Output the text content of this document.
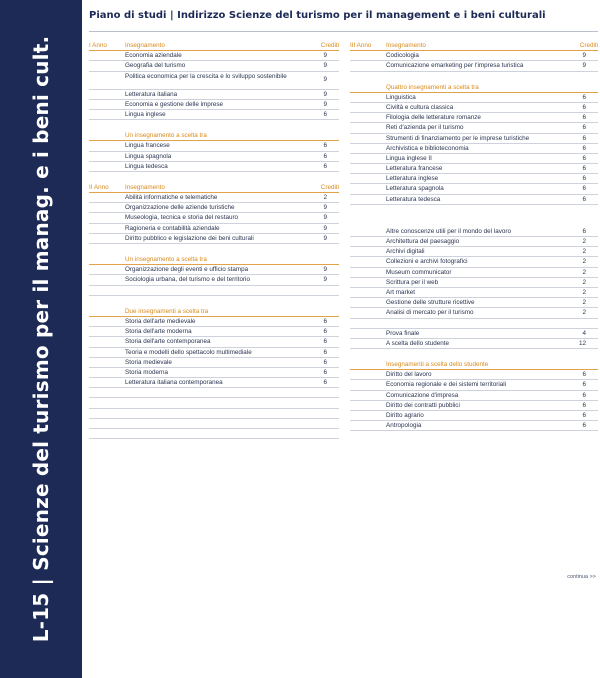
L-15 | Scienze del turismo per il manag. e i beni cult.
Piano di studi | Indirizzo Scienze del turismo per il management e i beni culturali
I Anno	Insegnamento	Crediti
Economia aziendale	9
Geografia del turismo	9
Politica economica per la crescita e lo sviluppo sostenibile	9
Letteratura italiana	9
Economia e gestione delle imprese	9
Lingua inglese	6
Un insegnamento a scelta tra
Lingua francese	6
Lingua spagnola	6
Lingua tedesca	6
II Anno	Insegnamento	Crediti
Abilità informatiche e telematiche	2
Organizzazione delle aziende turistiche	9
Museologia, tecnica e storia del restauro	9
Ragioneria e contabilità aziendale	9
Diritto pubblico e legislazione dei beni culturali	9
Un insegnamento a scelta tra
Organizzazione degli eventi e ufficio stampa	9
Sociologia urbana, del turismo e del territorio	9
Due insegnamenti a scelta tra
Storia dell'arte medievale	6
Storia dell'arte moderna	6
Storia dell'arte contemporanea	6
Teoria e modelli dello spettacolo multimediale	6
Storia medievale	6
Storia moderna	6
Letteratura italiana contemporanea	6
III Anno	Insegnamento	Crediti
Codicologia	9
Comunicazione emarketing per l'impresa turistica	9
Quattro insegnamenti a scelta tra
Linguistica	6
Civiltà e cultura classica	6
Filologia delle letterature romanze	6
Reti d'azienda per il turismo	6
Strumenti di finanziamento per le imprese turistiche	6
Archivistica e biblioteconomia	6
Lingua inglese II	6
Letteratura francese	6
Letteratura inglese	6
Letteratura spagnola	6
Letteratura tedesca	6
Altre conoscenze utili per il mondo del lavoro	6
Architettura del paesaggio	2
Archivi digitali	2
Collezioni e archivi fotografici	2
Museum communicator	2
Scrittura per il web	2
Art market	2
Gestione delle strutture ricettive	2
Analisi di mercato per il turismo	2
Prova finale	4
A scelta dello studente	12
Insegnamenti a scelta dello studente
Diritto del lavoro	6
Economia regionale e dei sistemi territoriali	6
Comunicazione d'impresa	6
Diritto dei contratti pubblici	6
Diritto agrario	6
Antropologia	6
continua >>
